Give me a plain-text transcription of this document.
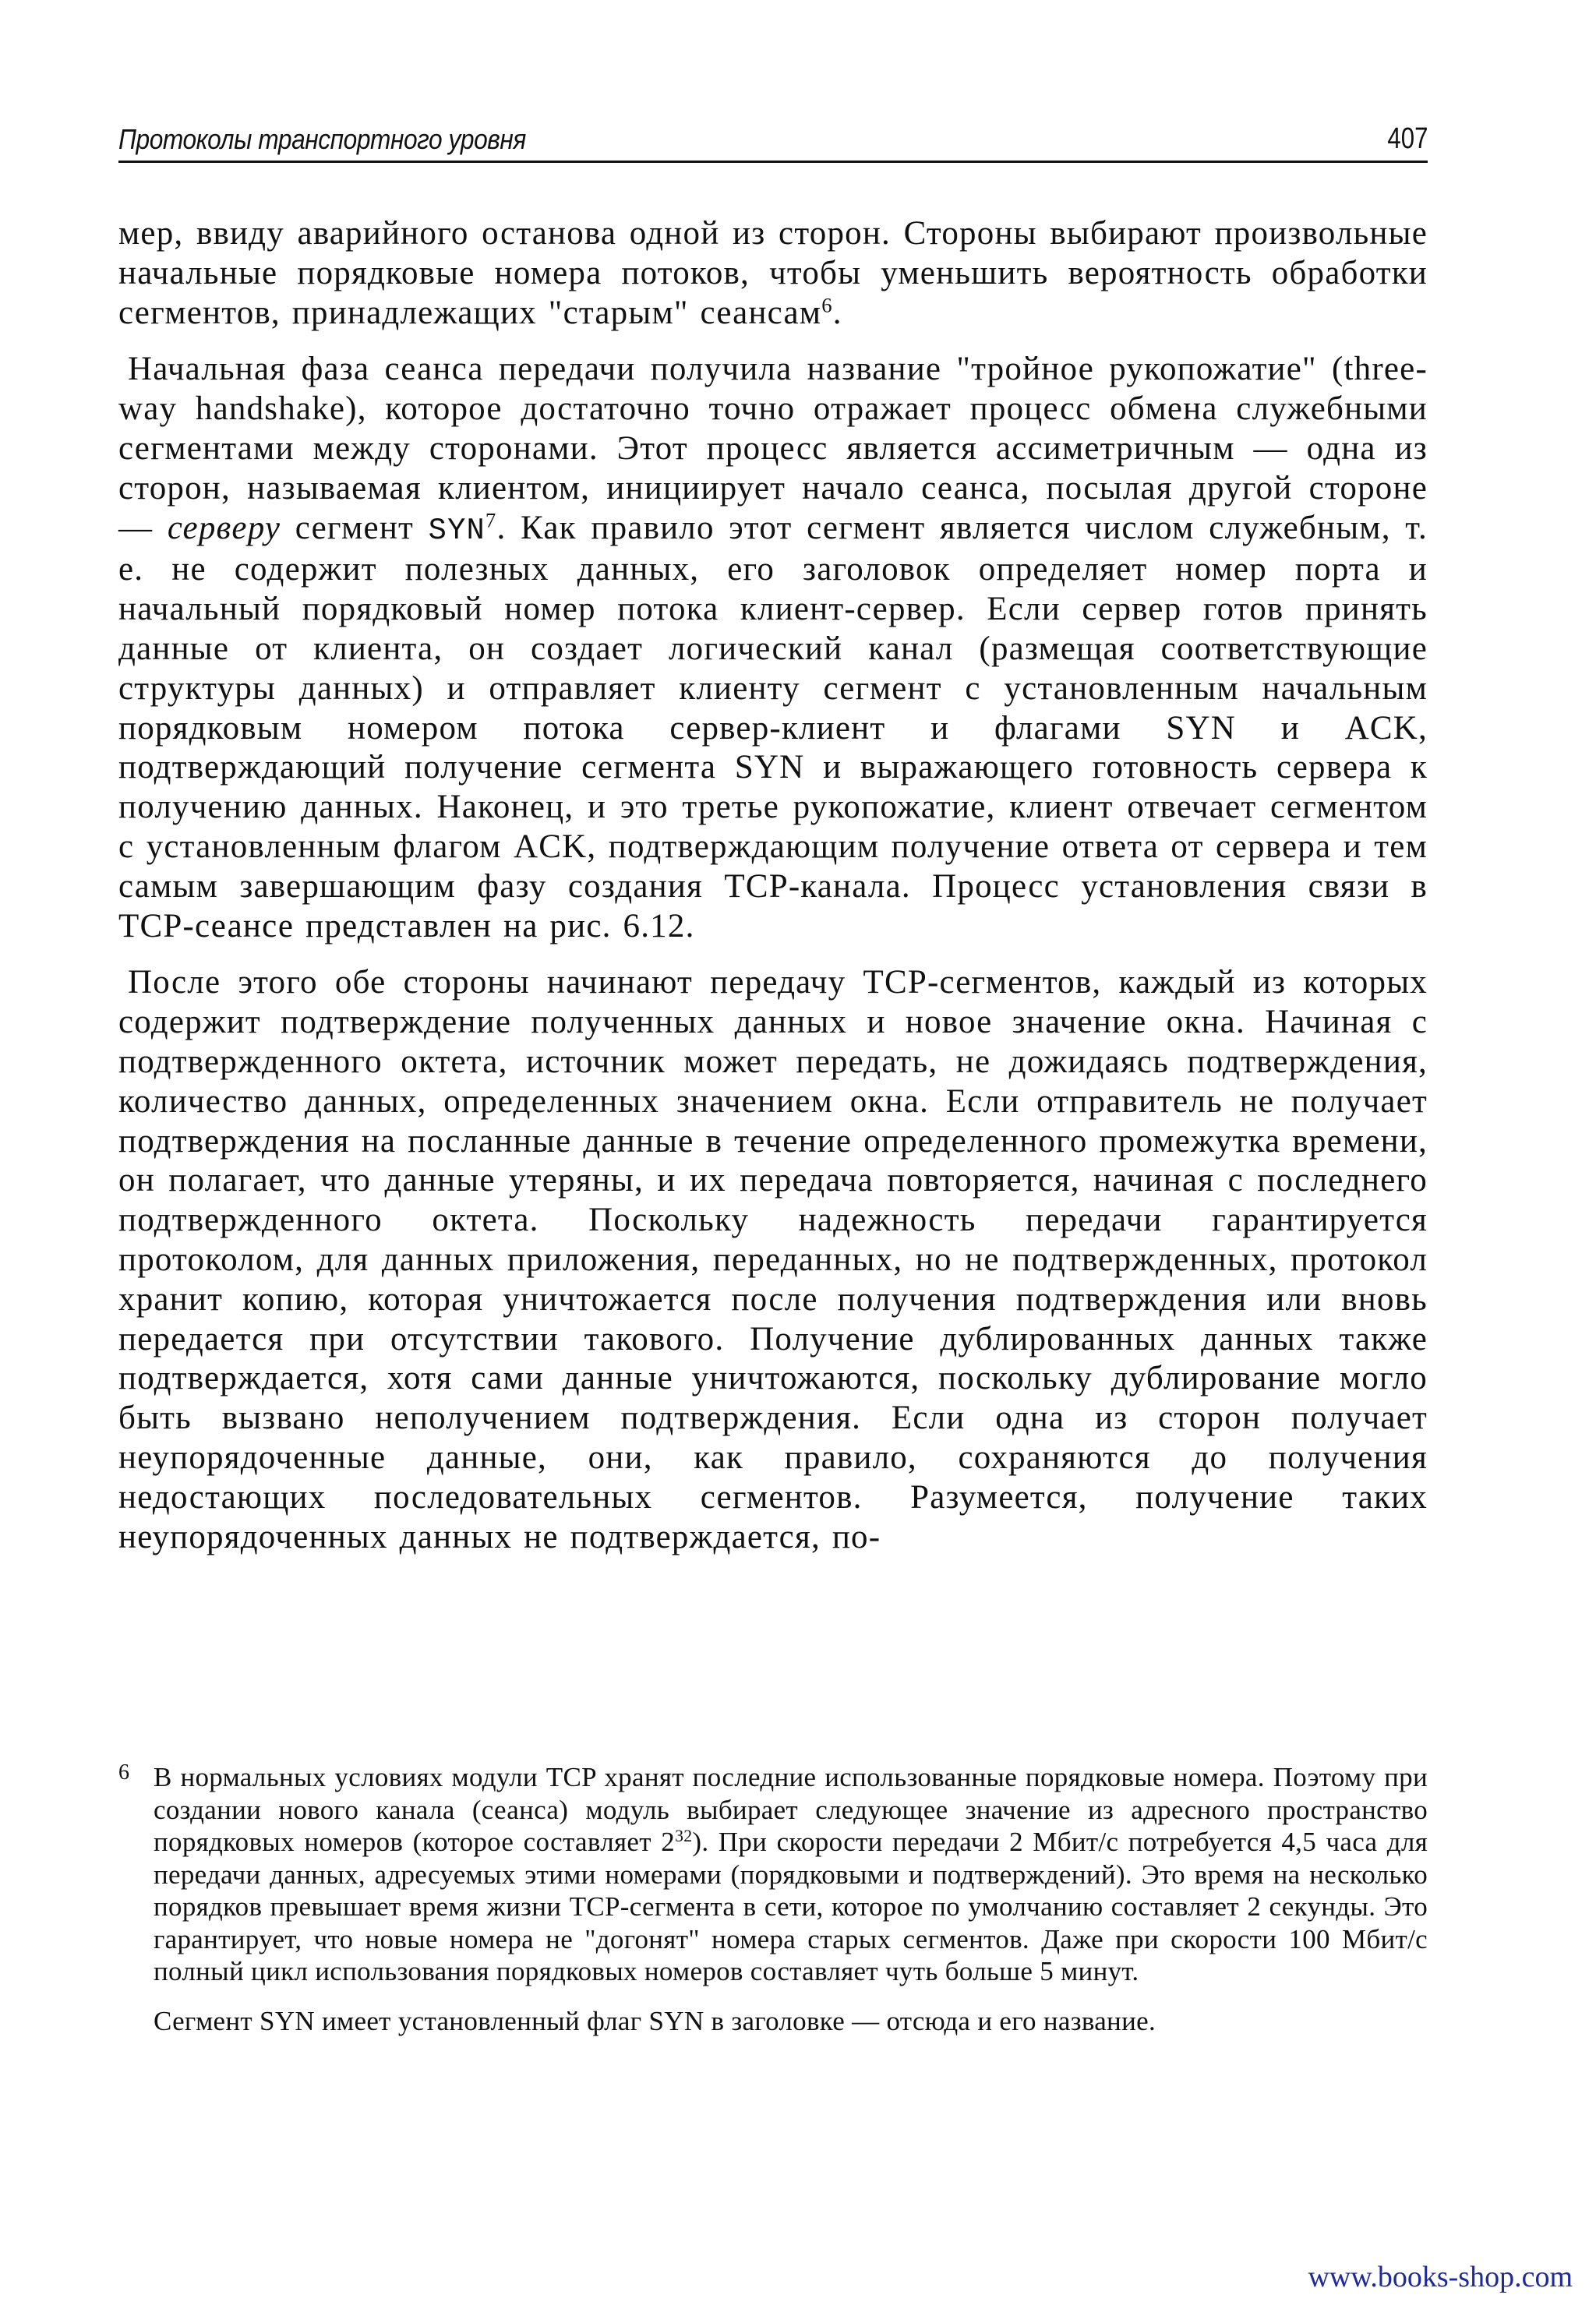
Протоколы транспортного уровня	407

мер, ввиду аварийного останова одной из сторон. Стороны выбирают произвольные начальные порядковые номера потоков, чтобы уменьшить вероятность обработки сегментов, принадлежащих "старым" сеансам$^6$.

Начальная фаза сеанса передачи получила название "тройное рукопожатие" (three-way handshake), которое достаточно точно отражает процесс обмена служебными сегментами между сторонами. Этот процесс является ассиметричным — одна из сторон, называемая клиентом, инициирует начало сеанса, посылая другой стороне — серверу сегмент SYN$^7$. Как правило этот сегмент является числом служебным, т. е. не содержит полезных данных, его заголовок определяет номер порта и начальный порядковый номер потока клиент-сервер. Если сервер готов принять данные от клиента, он создает логический канал (размещая соответствующие структуры данных) и отправляет клиенту сегмент с установленным начальным порядковым номером потока сервер-клиент и флагами SYN и ACK, подтверждающий получение сегмента SYN и выражающего готовность сервера к получению данных. Наконец, и это третье рукопожатие, клиент отвечает сегментом с установленным флагом ACK, подтверждающим получение ответа от сервера и тем самым завершающим фазу создания TCP-канала. Процесс установления связи в TCP-сеансе представлен на рис. 6.12.

После этого обе стороны начинают передачу TCP-сегментов, каждый из которых содержит подтверждение полученных данных и новое значение окна. Начиная с подтвержденного октета, источник может передать, не дожидаясь подтверждения, количество данных, определенных значением окна. Если отправитель не получает подтверждения на посланные данные в течение определенного промежутка времени, он полагает, что данные утеряны, и их передача повторяется, начиная с последнего подтвержденного октета. Поскольку надежность передачи гарантируется протоколом, для данных приложения, переданных, но не подтвержденных, протокол хранит копию, которая уничтожается после получения подтверждения или вновь передается при отсутствии такового. Получение дублированных данных также подтверждается, хотя сами данные уничтожаются, поскольку дублирование могло быть вызвано неполучением подтверждения. Если одна из сторон получает неупорядоченные данные, они, как правило, сохраняются до получения недостающих последовательных сегментов. Разумеется, получение таких неупорядоченных данных не подтверждается, по-

6 В нормальных условиях модули TCP хранят последние использованные порядковые номера. Поэтому при создании нового канала (сеанса) модуль выбирает следующее значение из адресного пространство порядковых номеров (которое составляет $2^{32}$). При скорости передачи 2 Мбит/с потребуется 4,5 часа для передачи данных, адресуемых этими номерами (порядковыми и подтверждений). Это время на несколько порядков превышает время жизни TCP-сегмента в сети, которое по умолчанию составляет 2 секунды. Это гарантирует, что новые номера не "догонят" номера старых сегментов. Даже при скорости 100 Мбит/с полный цикл использования порядковых номеров составляет чуть больше 5 минут.

Сегмент SYN имеет установленный флаг SYN в заголовке — отсюда и его название.

www.books-shop.com
